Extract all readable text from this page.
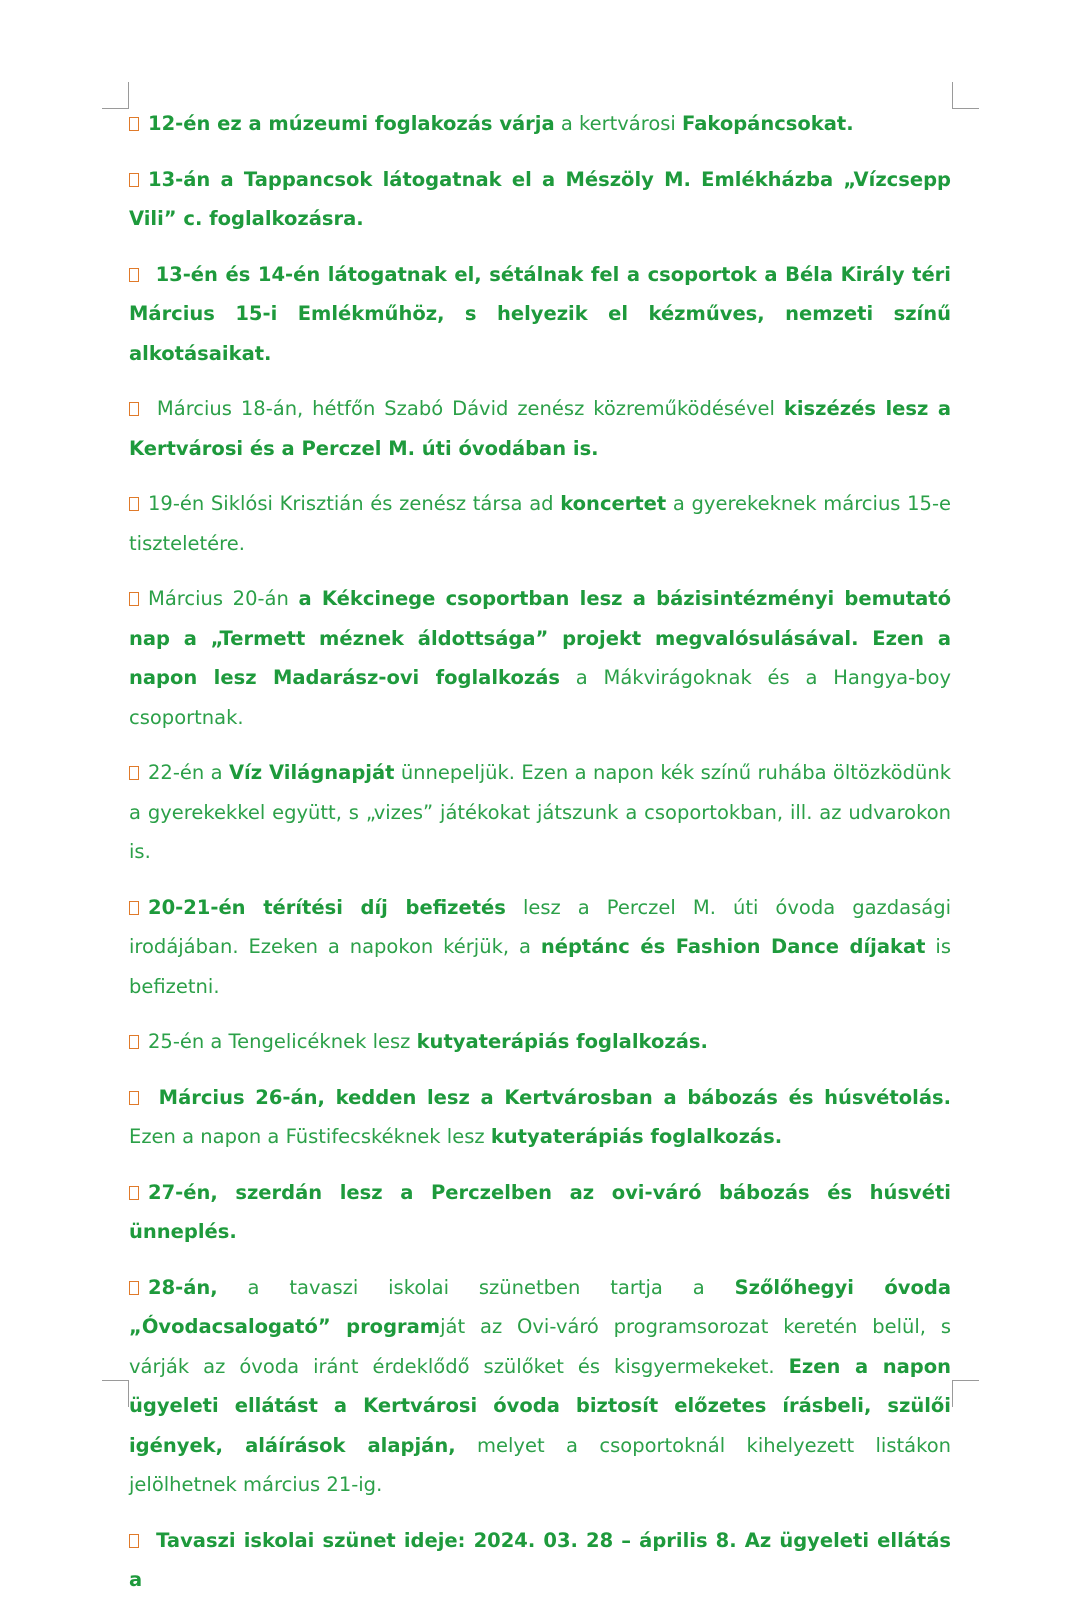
12-én ez a múzeumi foglakozás várja a kertvárosi Fakopáncsokat.

13-án a Tappancsok látogatnak el a Mészöly M. Emlékházba „Vízcsepp Vili” c. foglalkozásra.

13-én és 14-én látogatnak el, sétálnak fel a csoportok a Béla Király téri Március 15-i Emlékműhöz, s helyezik el kézműves, nemzeti színű alkotásaikat.

Március 18-án, hétfőn Szabó Dávid zenész közreműködésével kiszézés lesz a Kertvárosi és a Perczel M. úti óvodában is.

19-én Siklósi Krisztián és zenész társa ad koncertet a gyerekeknek március 15-e tiszteletére.

Március 20-án a Kékcinege csoportban lesz a bázisintézményi bemutató nap a „Termett méznek áldottsága” projekt megvalósulásával. Ezen a napon lesz Madarász-ovi foglalkozás a Mákvirágoknak és a Hangya-boy csoportnak.

22-én a Víz Világnapját ünnepeljük. Ezen a napon kék színű ruhába öltözködünk a gyerekekkel együtt, s „vizes” játékokat játszunk a csoportokban, ill. az udvarokon is.

20-21-én térítési díj befizetés lesz a Perczel M. úti óvoda gazdasági irodájában. Ezeken a napokon kérjük, a néptánc és Fashion Dance díjakat is befizetni.

25-én a Tengelicéknek lesz kutyaterápiás foglalkozás.

Március 26-án, kedden lesz a Kertvárosban a bábozás és húsvétolás. Ezen a napon a Füstifecskéknek lesz kutyaterápiás foglalkozás.

27-én, szerdán lesz a Perczelben az ovi-váró bábozás és húsvéti ünneplés.

28-án, a tavaszi iskolai szünetben tartja a Szőlőhegyi óvoda „Óvodacsalogató” programját az Ovi-váró programsorozat keretén belül, s várják az óvoda iránt érdeklődő szülőket és kisgyermekeket. Ezen a napon ügyeleti ellátást a Kertvárosi óvoda biztosít előzetes írásbeli, szülői igények, aláírások alapján, melyet a csoportoknál kihelyezett listákon jelölhetnek március 21-ig.

Tavaszi iskolai szünet ideje: 2024. 03. 28 – április 8. Az ügyeleti ellátás a
